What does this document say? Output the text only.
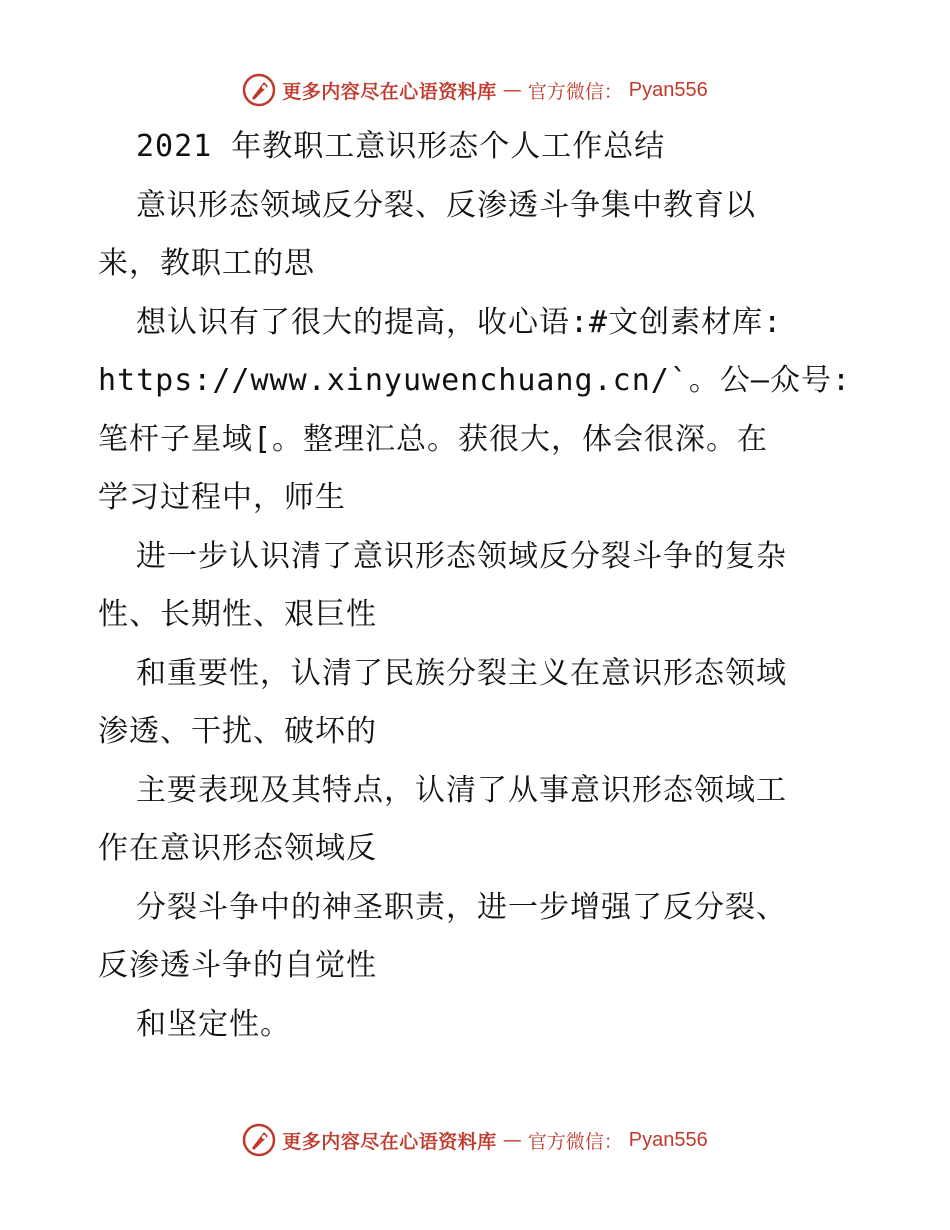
更多内容尽在心语资料库 — 官方微信： Pyan556
2021 年教职工意识形态个人工作总结
意识形态领域反分裂、反渗透斗争集中教育以
来，教职工的思
想认识有了很大的提高，收心语:#文创素材库:
https://www.xinyuwenchuang.cn/`。公—众号:
笔杆子星域[。整理汇总。获很大，体会很深。在
学习过程中，师生
进一步认识清了意识形态领域反分裂斗争的复杂
性、长期性、艰巨性
和重要性，认清了民族分裂主义在意识形态领域
渗透、干扰、破坏的
主要表现及其特点，认清了从事意识形态领域工
作在意识形态领域反
分裂斗争中的神圣职责，进一步增强了反分裂、
反渗透斗争的自觉性
和坚定性。
更多内容尽在心语资料库 — 官方微信： Pyan556
